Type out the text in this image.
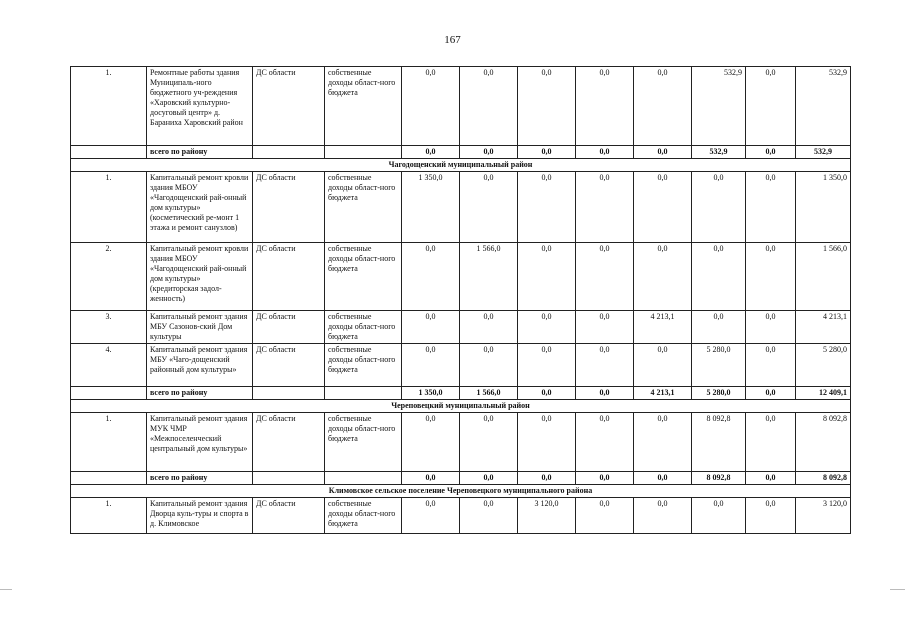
167
1.	Ремонтные работы здания Муниципаль-ного бюджетного уч-реждения «Харовский культурно-досуговый центр» д. Бараниха Харовский район	ДС области	собственные доходы област-ного бюджета	0,0	0,0	0,0	0,0	0,0	532,9	0,0	532,9
	всего по району			0,0	0,0	0,0	0,0	0,0	532,9	0,0	532,9
Чагодощенский муниципальный район											
1.	Капитальный ремонт кровли здания МБОУ «Чагодощенский рай-онный дом культуры» (косметический ре-монт 1 этажа и ремонт санузлов)	ДС области	собственные доходы област-ного бюджета	1 350,0	0,0	0,0	0,0	0,0	0,0	0,0	1 350,0
2.	Капитальный ремонт кровли здания МБОУ «Чагодощенский рай-онный дом культуры» (кредиторская задол-женность)	ДС области	собственные доходы област-ного бюджета	0,0	1 566,0	0,0	0,0	0,0	0,0	0,0	1 566,0
3.	Капитальный ремонт здания МБУ Сазонов-ский Дом культуры	ДС области	собственные доходы област-ного бюджета	0,0	0,0	0,0	0,0	4 213,1	0,0	0,0	4 213,1
4.	Капитальный ремонт здания МБУ «Чаго-дощенский районный дом культуры»	ДС области	собственные доходы област-ного бюджета	0,0	0,0	0,0	0,0	0,0	5 280,0	0,0	5 280,0
	всего по району			1 350,0	1 566,0	0,0	0,0	4 213,1	5 280,0	0,0	12 409,1
Череповецкий муниципальный район											
1.	Капитальный ремонт здания МУК ЧМР «Межпоселенческий центральный дом культуры»	ДС области	собственные доходы област-ного бюджета	0,0	0,0	0,0	0,0	0,0	8 092,8	0,0	8 092,8
	всего по району			0,0	0,0	0,0	0,0	0,0	8 092,8	0,0	8 092,8
Климовское сельское поселение Череповецкого муниципального района											
1.	Капитальный ремонт здания Дворца куль-туры и спорта в д. Климовское	ДС области	собственные доходы област-ного бюджета	0,0	0,0	3 120,0	0,0	0,0	0,0	0,0	3 120,0
